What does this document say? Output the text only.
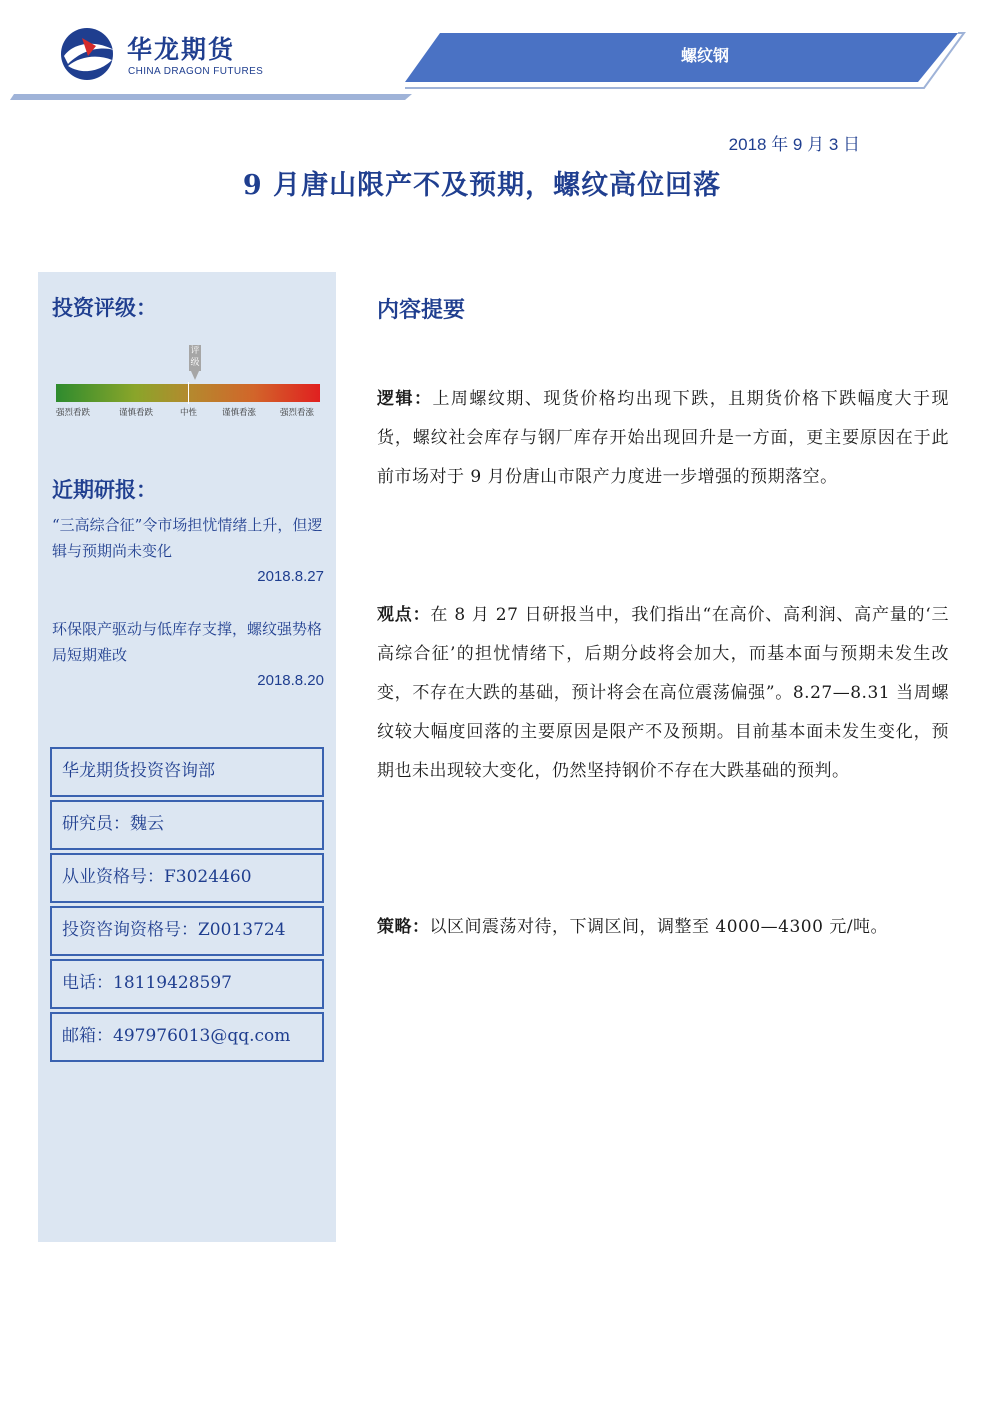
华龙期货
CHINA DRAGON FUTURES
螺纹钢
2018 年 9 月 3 日
9 月唐山限产不及预期，螺纹高位回落
投资评级：
评级
强烈看跌	谨慎看跌	中性	谨慎看涨	强烈看涨
近期研报：
“三高综合征”令市场担忧情绪上升，但逻辑与预期尚未变化
2018.8.27
环保限产驱动与低库存支撑，螺纹强势格局短期难改
2018.8.20
华龙期货投资咨询部
研究员：魏云
从业资格号：F3024460
投资咨询资格号：Z0013724
电话：18119428597
邮箱：497976013@qq.com
内容提要
逻辑：上周螺纹期、现货价格均出现下跌，且期货价格下跌幅度大于现货，螺纹社会库存与钢厂库存开始出现回升是一方面，更主要原因在于此前市场对于 9 月份唐山市限产力度进一步增强的预期落空。
观点：在 8 月 27 日研报当中，我们指出“在高价、高利润、高产量的‘三高综合征’的担忧情绪下，后期分歧将会加大，而基本面与预期未发生改变，不存在大跌的基础，预计将会在高位震荡偏强”。8.27—8.31 当周螺纹较大幅度回落的主要原因是限产不及预期。目前基本面未发生变化，预期也未出现较大变化，仍然坚持钢价不存在大跌基础的预判。
策略：以区间震荡对待，下调区间，调整至 4000—4300 元/吨。
